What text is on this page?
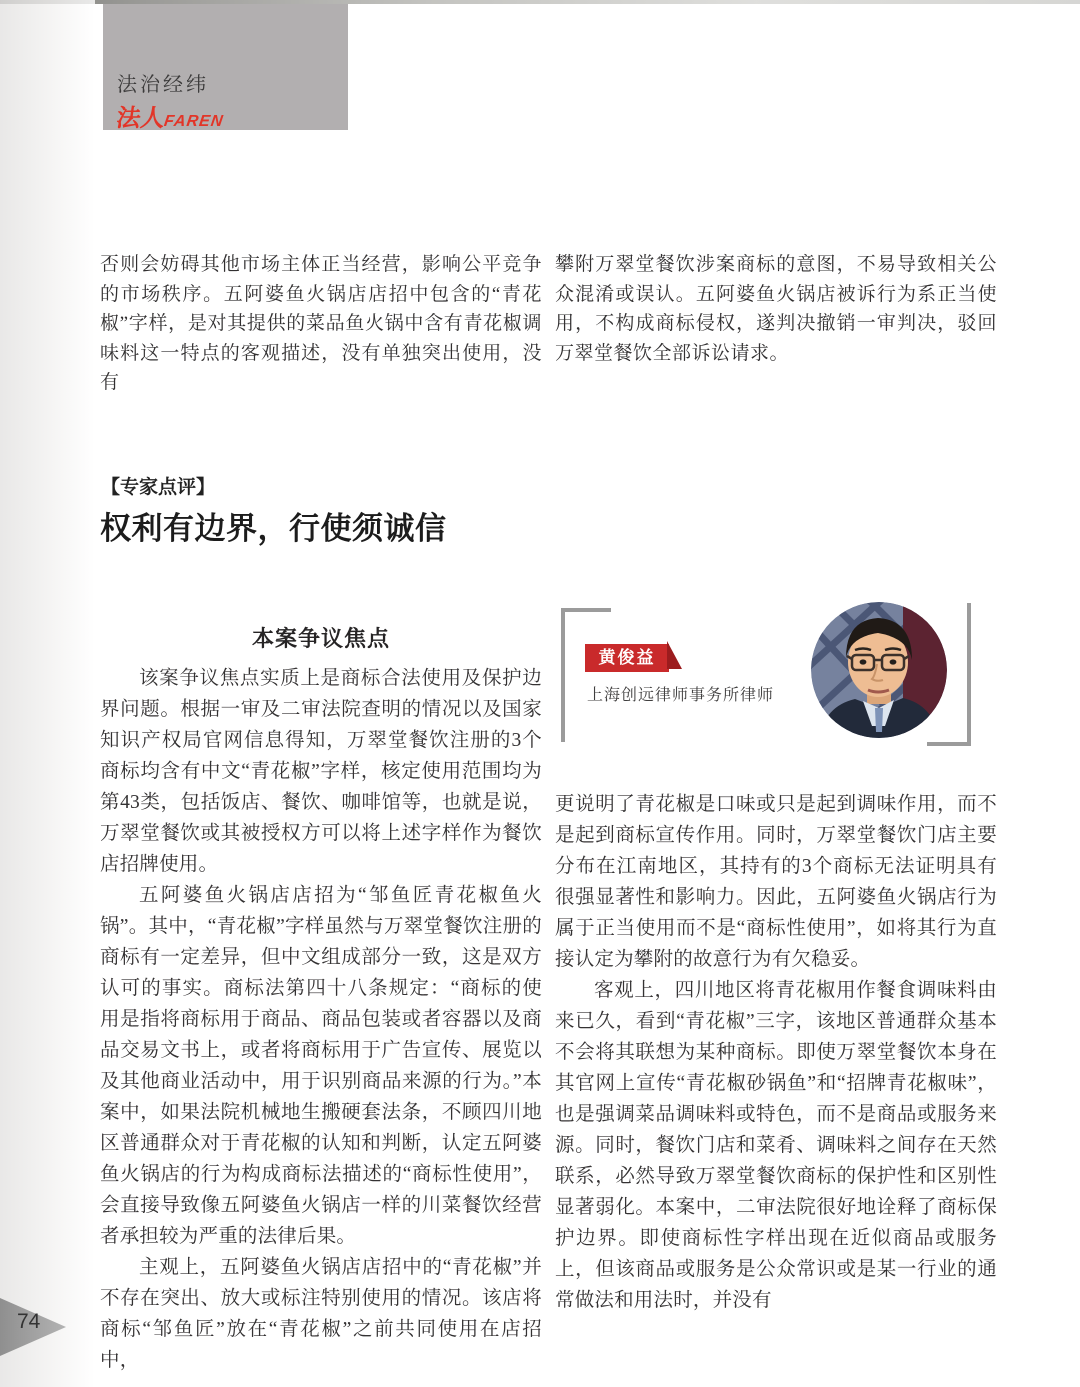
法治经纬
法人FAREN

否则会妨碍其他市场主体正当经营，影响公平竞争的市场秩序。五阿婆鱼火锅店店招中包含的“青花椒”字样，是对其提供的菜品鱼火锅中含有青花椒调味料这一特点的客观描述，没有单独突出使用，没有

攀附万翠堂餐饮涉案商标的意图，不易导致相关公众混淆或误认。五阿婆鱼火锅店被诉行为系正当使用，不构成商标侵权，遂判决撤销一审判决，驳回万翠堂餐饮全部诉讼请求。

【专家点评】
权利有边界，行使须诚信
黄俊益
上海创远律师事务所律师
本案争议焦点

该案争议焦点实质上是商标合法使用及保护边界问题。根据一审及二审法院查明的情况以及国家知识产权局官网信息得知，万翠堂餐饮注册的3个商标均含有中文“青花椒”字样，核定使用范围均为第43类，包括饭店、餐饮、咖啡馆等，也就是说，万翠堂餐饮或其被授权方可以将上述字样作为餐饮店招牌使用。

五阿婆鱼火锅店店招为“邹鱼匠青花椒鱼火锅”。其中，“青花椒”字样虽然与万翠堂餐饮注册的商标有一定差异，但中文组成部分一致，这是双方认可的事实。商标法第四十八条规定：“商标的使用是指将商标用于商品、商品包装或者容器以及商品交易文书上，或者将商标用于广告宣传、展览以及其他商业活动中，用于识别商品来源的行为。”本案中，如果法院机械地生搬硬套法条，不顾四川地区普通群众对于青花椒的认知和判断，认定五阿婆鱼火锅店的行为构成商标法描述的“商标性使用”，会直接导致像五阿婆鱼火锅店一样的川菜餐饮经营者承担较为严重的法律后果。

主观上，五阿婆鱼火锅店店招中的“青花椒”并不存在突出、放大或标注特别使用的情况。该店将商标“邹鱼匠”放在“青花椒”之前共同使用在店招中，

更说明了青花椒是口味或只是起到调味作用，而不是起到商标宣传作用。同时，万翠堂餐饮门店主要分布在江南地区，其持有的3个商标无法证明具有很强显著性和影响力。因此，五阿婆鱼火锅店行为属于正当使用而不是“商标性使用”，如将其行为直接认定为攀附的故意行为有欠稳妥。

客观上，四川地区将青花椒用作餐食调味料由来已久，看到“青花椒”三字，该地区普通群众基本不会将其联想为某种商标。即使万翠堂餐饮本身在其官网上宣传“青花椒砂锅鱼”和“招牌青花椒味”，也是强调菜品调味料或特色，而不是商品或服务来源。同时，餐饮门店和菜肴、调味料之间存在天然联系，必然导致万翠堂餐饮商标的保护性和区别性显著弱化。本案中，二审法院很好地诠释了商标保护边界。即使商标性字样出现在近似商品或服务上，但该商品或服务是公众常识或是某一行业的通常做法和用法时，并没有

74
